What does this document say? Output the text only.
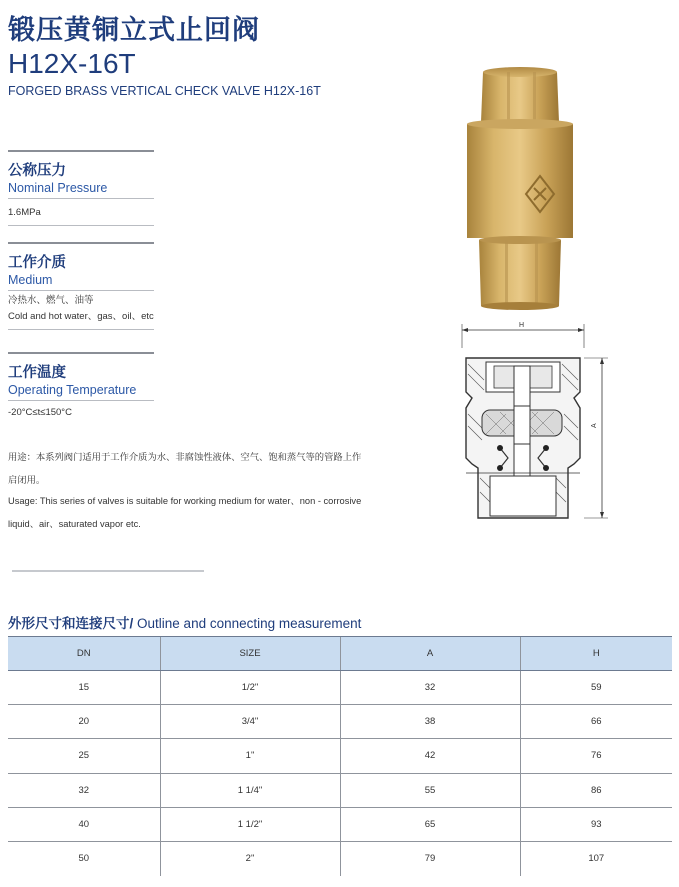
锻压黄铜立式止回阀
H12X-16T
FORGED BRASS VERTICAL CHECK VALVE H12X-16T
公称压力
Nominal Pressure
1.6MPa
工作介质
Medium
冷热水、燃气、油等
Cold and hot water、gas、oil、etc
工作温度
Operating Temperature
-20°C≤t≤150°C
用途：本系列阀门适用于工作介质为水、非腐蚀性液体、空气、饱和蒸气等的管路上作启闭用。
Usage: This series of valves is suitable for working medium for water、non - corrosive liquid、air、saturated vapor etc.
H
A
外形尺寸和连接尺寸/ Outline and connecting measurement
DN	SIZE	A	H
15	1/2"	32	59
20	3/4"	38	66
25	1"	42	76
32	1 1/4"	55	86
40	1 1/2"	65	93
50	2"	79	107
